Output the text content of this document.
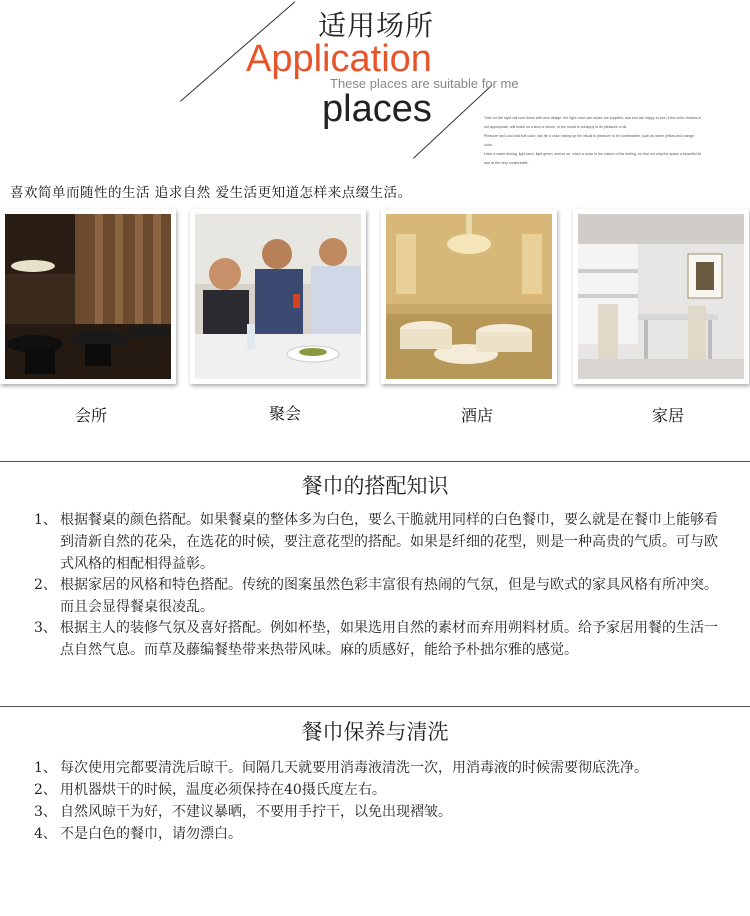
适用场所
Application
These places are suitable for me
places	Tone for the style will now throw with new design, the right color can cause our supplies, and end are happy to see; it the color choices in
not appropriate, will make us a kind of shock, or the mood is unhappy to its pleasure of all.
Pleasure and cool and soft color, can be a color mixing up the visual to pleasure to be comfortable, such as warm yellow and orange color.
Have a warm feeling, light lawn, light green, and so on, when a close to the nature of the feeling, so that not only the space a beautiful lie
and at the very comfortable.
喜欢简单而随性的生活 追求自然 爱生活更知道怎样来点缀生活。
会所	聚会	酒店	家居
餐巾的搭配知识
1、 根据餐桌的颜色搭配。如果餐桌的整体多为白色，要么干脆就用同样的白色餐巾，要么就是在餐巾上能够看到清新自然的花朵，在选花的时候，要注意花型的搭配。如果是纤细的花型，则是一种高贵的气质。可与欧式风格的相配相得益彰。
2、 根据家居的风格和特色搭配。传统的图案虽然色彩丰富很有热闹的气氛，但是与欧式的家具风格有所冲突。而且会显得餐桌很凌乱。
3、 根据主人的装修气氛及喜好搭配。例如杯垫，如果选用自然的素材而弃用朔料材质。给予家居用餐的生活一点自然气息。而草及藤编餐垫带来热带风味。麻的质感好，能给予朴拙尔雅的感觉。
餐巾保养与清洗
1、 每次使用完都要清洗后晾干。间隔几天就要用消毒液清洗一次，用消毒液的时候需要彻底洗净。
2、 用机器烘干的时候，温度必须保持在40摄氏度左右。
3、 自然风晾干为好，不建议暴晒，不要用手拧干，以免出现褶皱。
4、 不是白色的餐巾，请勿漂白。
